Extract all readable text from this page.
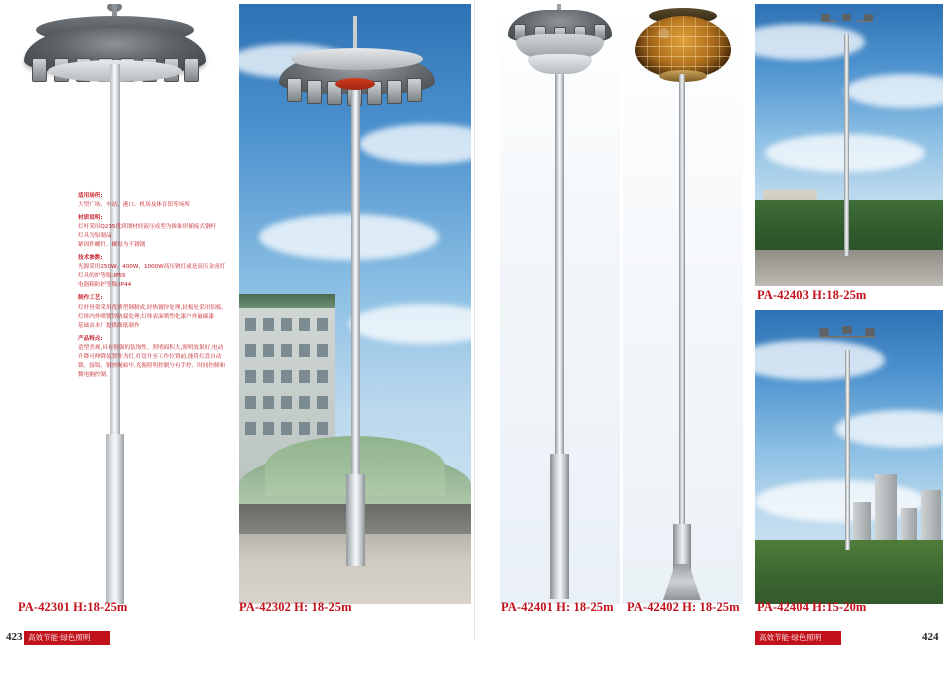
适用场所:
大型广场、车站、港口、机场及体育馆等场所
材质说明:
灯杆采用Q235优质钢材经液压成型为锥锥形插接式钢杆
灯具为铝制品
紧固件螺钉、螺母为不锈钢
技术参数:
光源采用250W、400W、1000W高压钠灯或是高压金卤灯
灯具的护等级:IP55
电器箱防护等级:IP44
制作工艺:
灯杆骨架采用优质型钢制成,经热镀锌处理,封板处采用铝板,灯体内外喷镀锌防腐处理,灯体表面喷塑化漆户外氟碳漆
基础由本厂提供图纸制作
产品特点:
造型美观,具有很强的装饰性。照明面积大,照明效果好,电动升降可伸降装置作为灯,灯盘升至工作位置前,能将灯盘自动锁、接钩、钢丝绳始牢,光源照明控制分有手控、时间控制和微电脑控制。
PA-42301 H:18-25m	PA-42302 H: 18-25m	PA-42401 H: 18-25m PA-42402 H: 18-25m
PA-42403 H:18-25m
PA-42404 H:15-20m
423 高效节能·绿色照明	高效节能·绿色照明	424
